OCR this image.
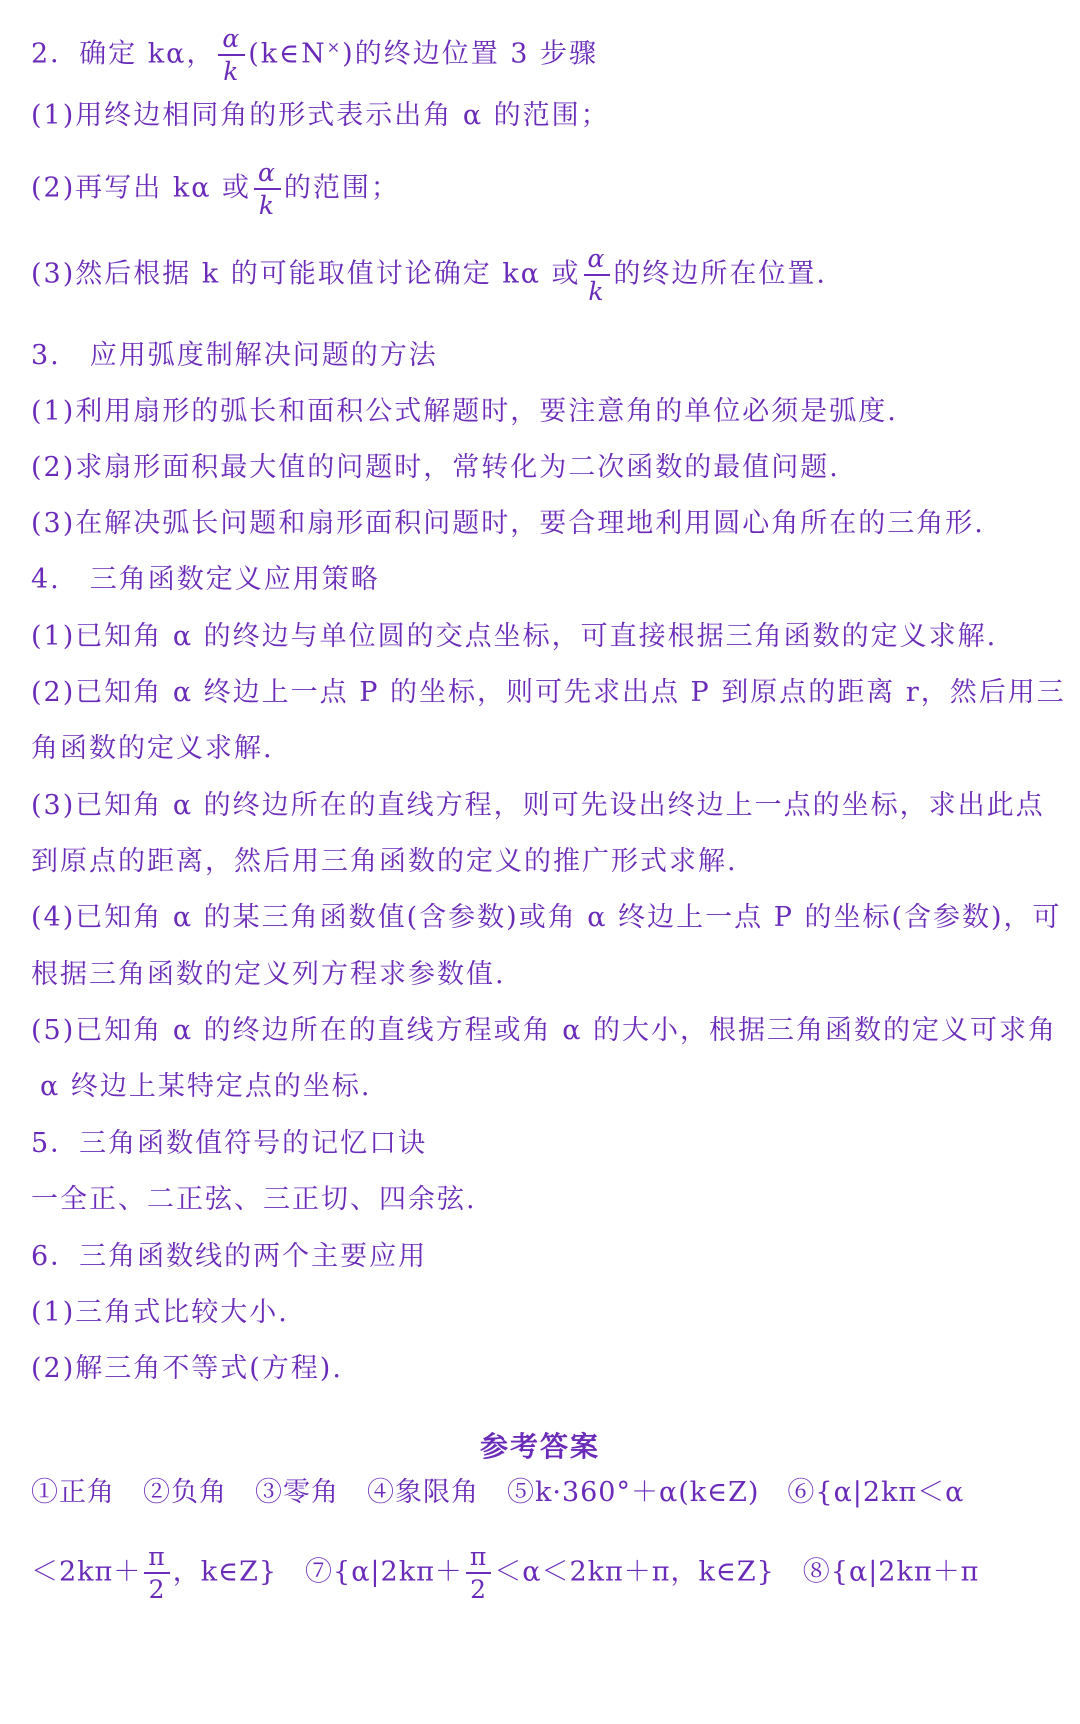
2．确定 kα， $\frac{\alpha}{k}$ (k∈N×)的终边位置 3 步骤
(1)用终边相同角的形式表示出角 α 的范围；
(2)再写出 kα 或 $\frac{\alpha}{k}$ 的范围；
(3)然后根据 k 的可能取值讨论确定 kα 或 $\frac{\alpha}{k}$ 的终边所在位置.
3.　应用弧度制解决问题的方法
(1)利用扇形的弧长和面积公式解题时，要注意角的单位必须是弧度.
(2)求扇形面积最大值的问题时，常转化为二次函数的最值问题.
(3)在解决弧长问题和扇形面积问题时，要合理地利用圆心角所在的三角形.
4.　三角函数定义应用策略
(1)已知角 α 的终边与单位圆的交点坐标，可直接根据三角函数的定义求解.
(2)已知角 α 终边上一点 P 的坐标，则可先求出点 P 到原点的距离 r，然后用三
角函数的定义求解.
(3)已知角 α 的终边所在的直线方程，则可先设出终边上一点的坐标，求出此点
到原点的距离，然后用三角函数的定义的推广形式求解.
(4)已知角 α 的某三角函数值(含参数)或角 α 终边上一点 P 的坐标(含参数)，可
根据三角函数的定义列方程求参数值.
(5)已知角 α 的终边所在的直线方程或角 α 的大小，根据三角函数的定义可求角
α 终边上某特定点的坐标.
5．三角函数值符号的记忆口诀
一全正、二正弦、三正切、四余弦.
6．三角函数线的两个主要应用
(1)三角式比较大小.
(2)解三角不等式(方程).
参考答案
①正角　②负角　③零角　④象限角　⑤k·360°＋α(k∈Z)　⑥{α|2kπ＜α
$<2k\pi+ \frac{\pi}{2}$ ，k∈Z}　⑦{α|2kπ＋ $\frac{\pi}{2} <\alpha<2k\pi+\pi$，k∈Z}　⑧{α|2kπ＋π
